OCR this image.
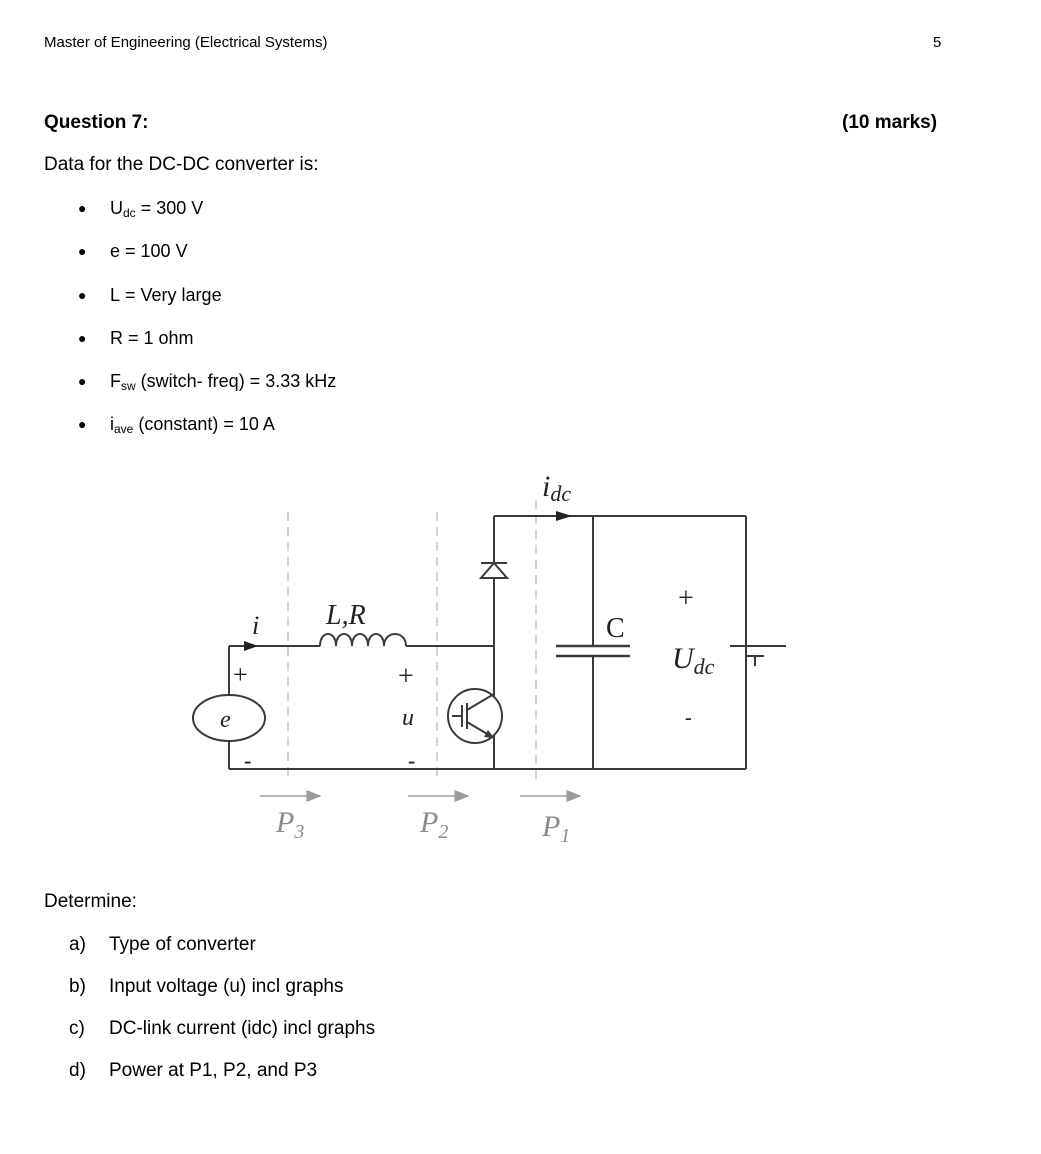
Master of Engineering (Electrical Systems)	5
Question 7:	(10 marks)
Data for the DC-DC converter is:
● $U_{dc} = 300$ V
● e = 100 V
● L = Very large
● R = 1 ohm
● $F_{sw}$ (switch- freq) = 3.33 kHz
● $i_{ave}$ (constant) = 10 A
i L,R
+
e
-
+
u
-
C
+
-
idc
Udc
P3	P2	P1
Determine:
a) Type of converter
b) Input voltage (u) incl graphs
c) DC-link current (idc) incl graphs
d) Power at P1, P2, and P3
